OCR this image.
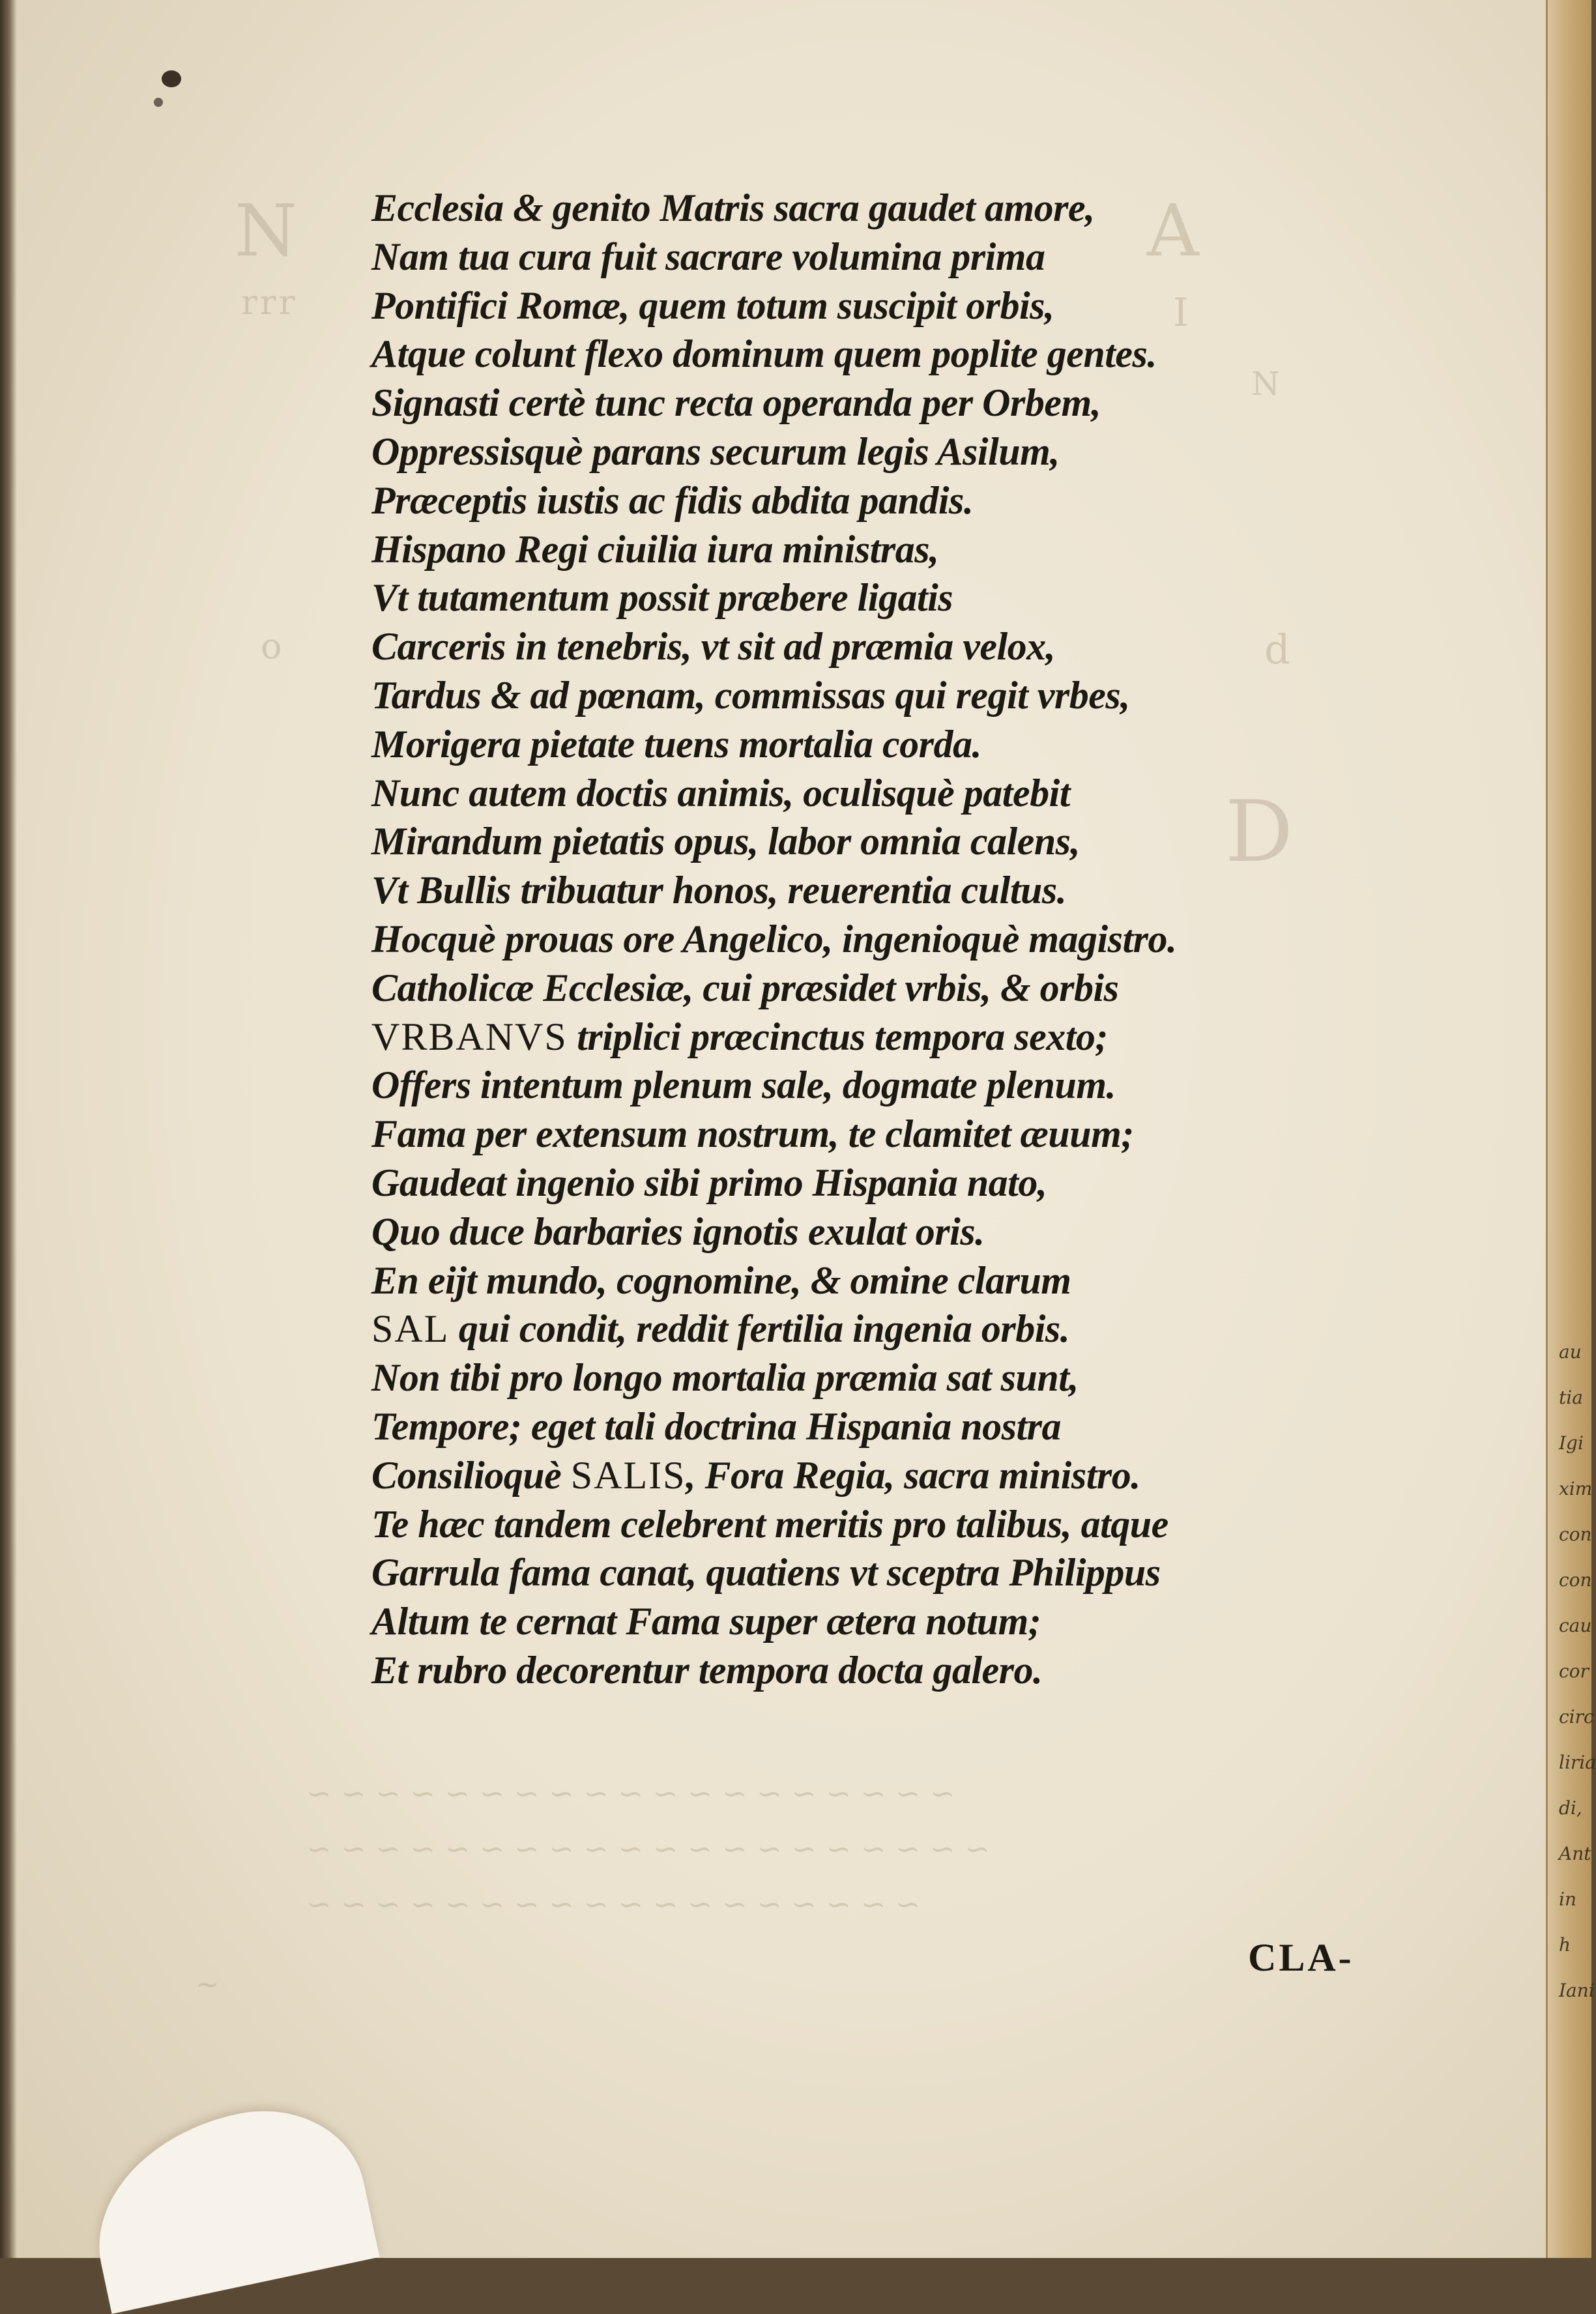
N
rrr
o
A
I
N
d
D
~
~ ~ ~ ~ ~ ~ ~ ~ ~ ~ ~ ~ ~ ~ ~ ~ ~ ~ ~
~ ~ ~ ~ ~ ~ ~ ~ ~ ~ ~ ~ ~ ~ ~ ~ ~ ~ ~ ~
~ ~ ~ ~ ~ ~ ~ ~ ~ ~ ~ ~ ~ ~ ~ ~ ~ ~
Ecclesia & genito Matris sacra gaudet amore,
Nam tua cura fuit sacrare volumina prima
Pontifici Romæ, quem totum suscipit orbis,
Atque colunt flexo dominum quem poplite gentes.
Signasti certè tunc recta operanda per Orbem,
Oppressisquè parans securum legis Asilum,
Præceptis iustis ac fidis abdita pandis.
Hispano Regi ciuilia iura ministras,
Vt tutamentum possit præbere ligatis
Carceris in tenebris, vt sit ad præmia velox,
Tardus & ad pœnam, commissas qui regit vrbes,
Morigera pietate tuens mortalia corda.
Nunc autem doctis animis, oculisquè patebit
Mirandum pietatis opus, labor omnia calens,
Vt Bullis tribuatur honos, reuerentia cultus.
Hocquè prouas ore Angelico, ingenioquè magistro.
Catholicæ Ecclesiæ, cui præsidet vrbis, & orbis
VRBANVS triplici præcinctus tempora sexto;
Offers intentum plenum sale, dogmate plenum.
Fama per extensum nostrum, te clamitet æuum;
Gaudeat ingenio sibi primo Hispania nato,
Quo duce barbaries ignotis exulat oris.
En eijt mundo, cognomine, & omine clarum
SAL qui condit, reddit fertilia ingenia orbis.
Non tibi pro longo mortalia præmia sat sunt,
Tempore; eget tali doctrina Hispania nostra
Consilioquè SALIS, Fora Regia, sacra ministro.
Te hæc tandem celebrent meritis pro talibus, atque
Garrula fama canat, quatiens vt sceptra Philippus
Altum te cernat Fama super ætera notum;
Et rubro decorentur tempora docta galero.
CLA-
au
tia
Igi
xim
con
con
cau
cor
circ
liria
di,
Ant
in h
Iani
